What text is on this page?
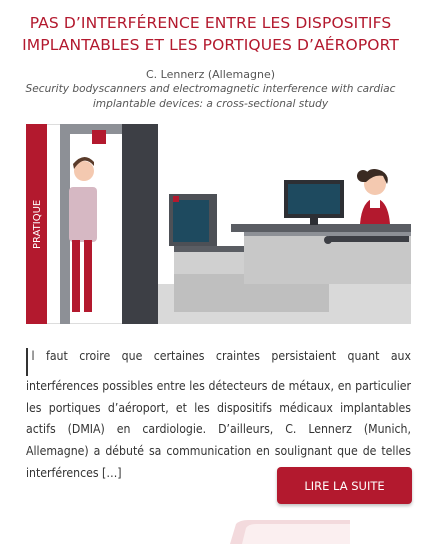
PAS D’INTERFÉRENCE ENTRE LES DISPOSITIFS IMPLANTABLES ET LES PORTIQUES D’AÉROPORT
C. Lennerz (Allemagne)
Security bodyscanners and electromagnetic interference with cardiac implantable devices: a cross-sectional study
PRATIQUE

l faut croire que certaines craintes persistaient quant aux interférences possibles entre les détecteurs de métaux, en particulier les portiques d’aéroport, et les dispositifs médicaux implantables actifs (DMIA) en cardiologie. D’ailleurs, C. Lennerz (Munich, Allemagne) a débuté sa communication en soulignant que de telles interférences […]

LIRE LA SUITE
